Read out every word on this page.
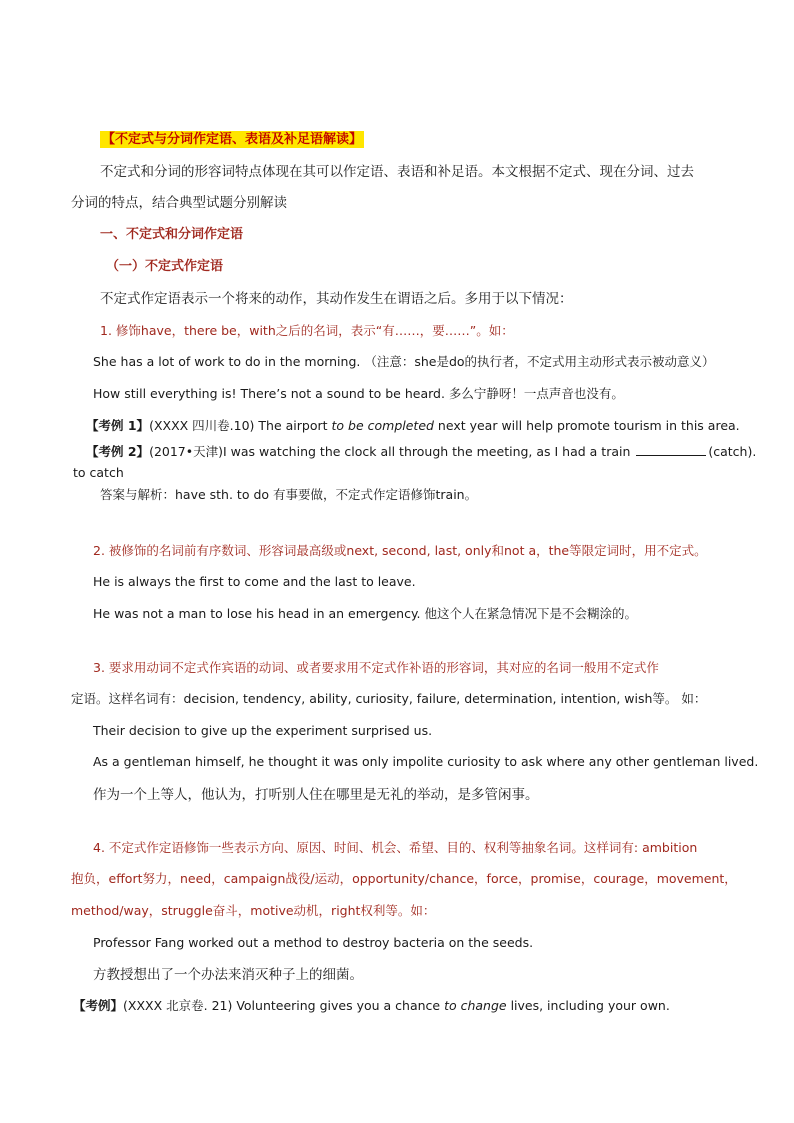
【不定式与分词作定语、表语及补足语解读】
不定式和分词的形容词特点体现在其可以作定语、表语和补足语。本文根据不定式、现在分词、过去
分词的特点，结合典型试题分别解读
一、不定式和分词作定语
（一）不定式作定语
不定式作定语表示一个将来的动作，其动作发生在谓语之后。多用于以下情况：
1. 修饰have，there be，with之后的名词，表示“有……，要……”。如：
She has a lot of work to do in the morning. （注意：she是do的执行者，不定式用主动形式表示被动意义）
How still everything is! There’s not a sound to be heard. 多么宁静呀！一点声音也没有。
【考例 1】(XXXX 四川卷.10) The airport to be completed next year will help promote tourism in this area.
【考例 2】(2017•天津)I was watching the clock all through the meeting, as I had a train	(catch).
to catch
答案与解析：have sth. to do 有事要做，不定式作定语修饰train。
2. 被修饰的名词前有序数词、形容词最高级或next, second, last, only和not a，the等限定词时，用不定式。
He is always the first to come and the last to leave.
He was not a man to lose his head in an emergency. 他这个人在紧急情况下是不会糊涂的。
3. 要求用动词不定式作宾语的动词、或者要求用不定式作补语的形容词，其对应的名词一般用不定式作
定语。这样名词有：decision, tendency, ability, curiosity, failure, determination, intention, wish等。 如：
Their decision to give up the experiment surprised us.
As a gentleman himself, he thought it was only impolite curiosity to ask where any other gentleman lived.
作为一个上等人，他认为，打听别人住在哪里是无礼的举动，是多管闲事。
4. 不定式作定语修饰一些表示方向、原因、时间、机会、希望、目的、权利等抽象名词。这样词有: ambition
抱负，effort努力，need，campaign战役/运动，opportunity/chance，force，promise，courage，movement，
method/way，struggle奋斗，motive动机，right权利等。如：
Professor Fang worked out a method to destroy bacteria on the seeds.
方教授想出了一个办法来消灭种子上的细菌。
【考例】(XXXX 北京卷. 21) Volunteering gives you a chance to change lives, including your own.
